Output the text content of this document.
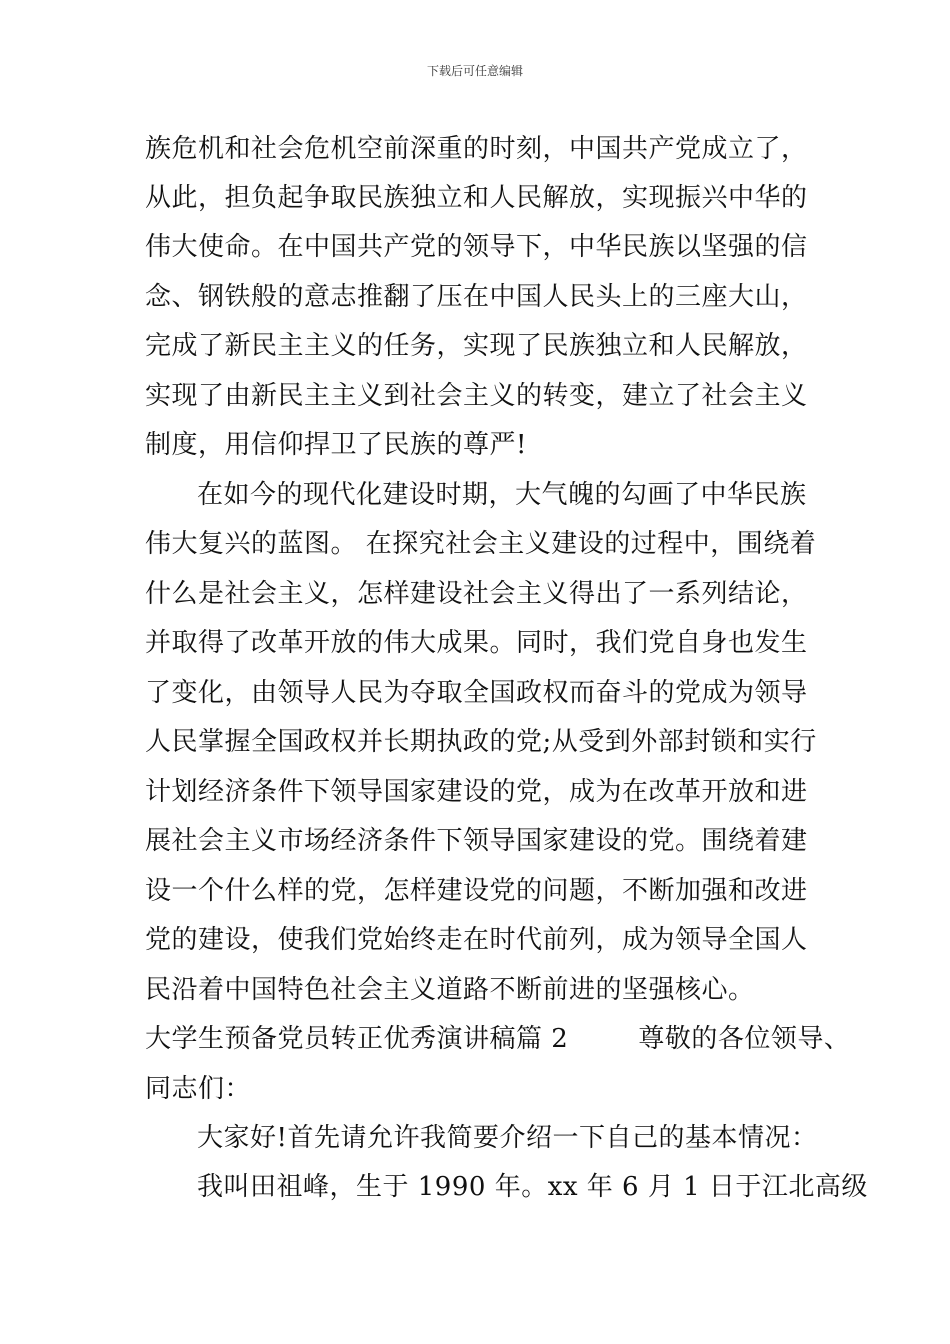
下载后可任意编辑
族危机和社会危机空前深重的时刻，中国共产党成立了，
从此，担负起争取民族独立和人民解放，实现振兴中华的
伟大使命。在中国共产党的领导下，中华民族以坚强的信
念、钢铁般的意志推翻了压在中国人民头上的三座大山，
完成了新民主主义的任务，实现了民族独立和人民解放，
实现了由新民主主义到社会主义的转变，建立了社会主义
制度，用信仰捍卫了民族的尊严!
在如今的现代化建设时期，大气魄的勾画了中华民族
伟大复兴的蓝图。 在探究社会主义建设的过程中，围绕着
什么是社会主义，怎样建设社会主义得出了一系列结论，
并取得了改革开放的伟大成果。同时，我们党自身也发生
了变化，由领导人民为夺取全国政权而奋斗的党成为领导
人民掌握全国政权并长期执政的党;从受到外部封锁和实行
计划经济条件下领导国家建设的党，成为在改革开放和进
展社会主义市场经济条件下领导国家建设的党。围绕着建
设一个什么样的党，怎样建设党的问题，不断加强和改进
党的建设，使我们党始终走在时代前列，成为领导全国人
民沿着中国特色社会主义道路不断前进的坚强核心。
大学生预备党员转正优秀演讲稿篇 2        尊敬的各位领导、
同志们：
大家好!首先请允许我简要介绍一下自己的基本情况：
我叫田祖峰，生于 1990 年。xx 年 6 月 1 日于江北高级
